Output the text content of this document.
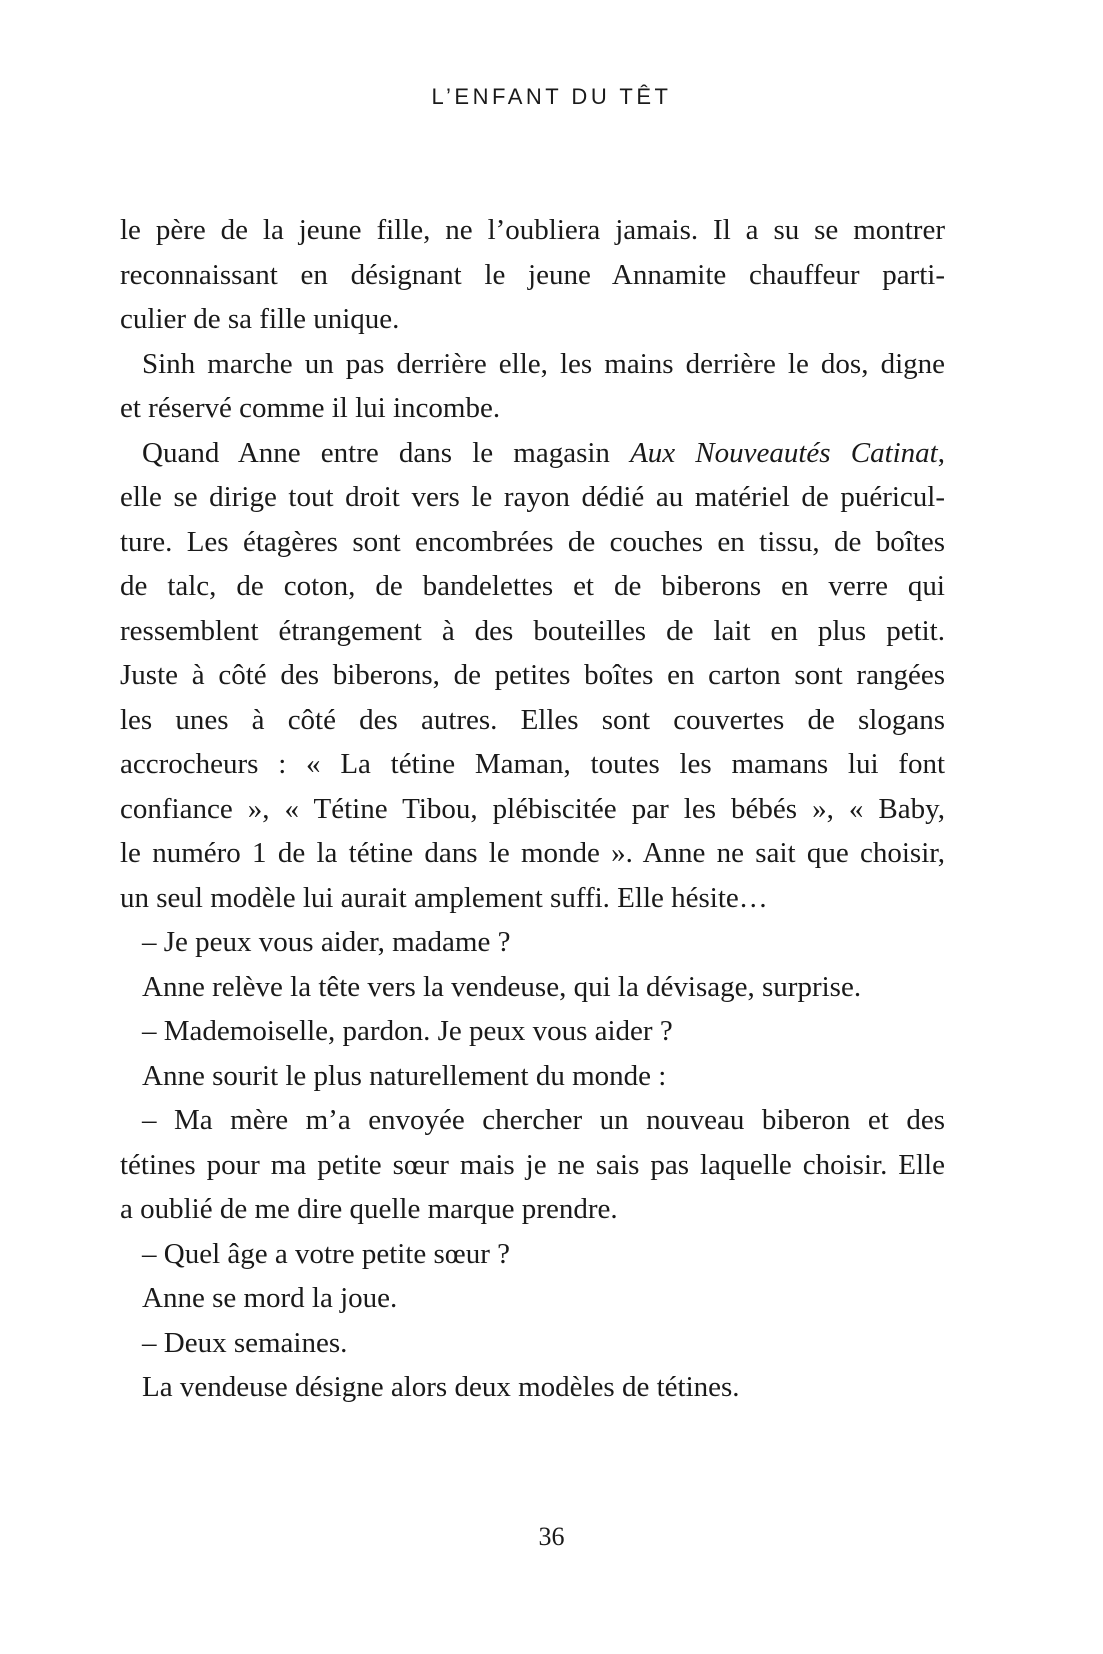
L’ENFANT DU TÊT
le père de la jeune fille, ne l’oubliera jamais. Il a su se montrer
reconnaissant en désignant le jeune Annamite chauffeur parti-
culier de sa fille unique.
Sinh marche un pas derrière elle, les mains derrière le dos, digne
et réservé comme il lui incombe.
Quand Anne entre dans le magasin Aux Nouveautés Catinat,
elle se dirige tout droit vers le rayon dédié au matériel de puéricul-
ture. Les étagères sont encombrées de couches en tissu, de boîtes
de talc, de coton, de bandelettes et de biberons en verre qui
ressemblent étrangement à des bouteilles de lait en plus petit.
Juste à côté des biberons, de petites boîtes en carton sont rangées
les unes à côté des autres. Elles sont couvertes de slogans
accrocheurs : « La tétine Maman, toutes les mamans lui font
confiance », « Tétine Tibou, plébiscitée par les bébés », « Baby,
le numéro 1 de la tétine dans le monde ». Anne ne sait que choisir,
un seul modèle lui aurait amplement suffi. Elle hésite…
– Je peux vous aider, madame ?
Anne relève la tête vers la vendeuse, qui la dévisage, surprise.
– Mademoiselle, pardon. Je peux vous aider ?
Anne sourit le plus naturellement du monde :
– Ma mère m’a envoyée chercher un nouveau biberon et des
tétines pour ma petite sœur mais je ne sais pas laquelle choisir. Elle
a oublié de me dire quelle marque prendre.
– Quel âge a votre petite sœur ?
Anne se mord la joue.
– Deux semaines.
La vendeuse désigne alors deux modèles de tétines.
36
